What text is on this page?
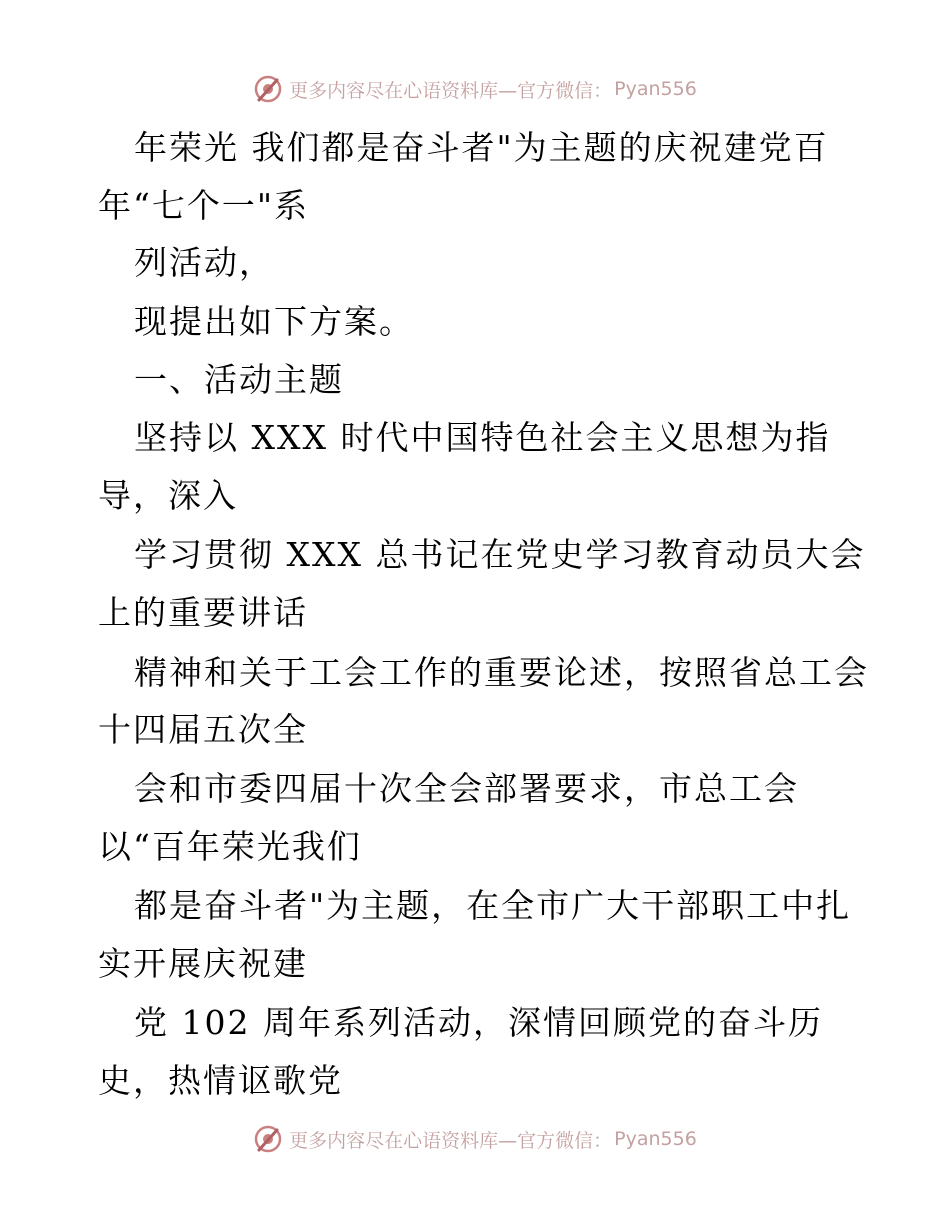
更多内容尽在心语资料库—官方微信： Pyan556
年荣光 我们都是奋斗者"为主题的庆祝建党百
年“七个一"系
列活动，
现提出如下方案。
一、活动主题
坚持以 XXX 时代中国特色社会主义思想为指
导，深入
学习贯彻 XXX 总书记在党史学习教育动员大会
上的重要讲话
精神和关于工会工作的重要论述，按照省总工会
十四届五次全
会和市委四届十次全会部署要求，市总工会
以“百年荣光我们
都是奋斗者"为主题，在全市广大干部职工中扎
实开展庆祝建
党 102 周年系列活动，深情回顾党的奋斗历
史，热情讴歌党
更多内容尽在心语资料库—官方微信： Pyan556
